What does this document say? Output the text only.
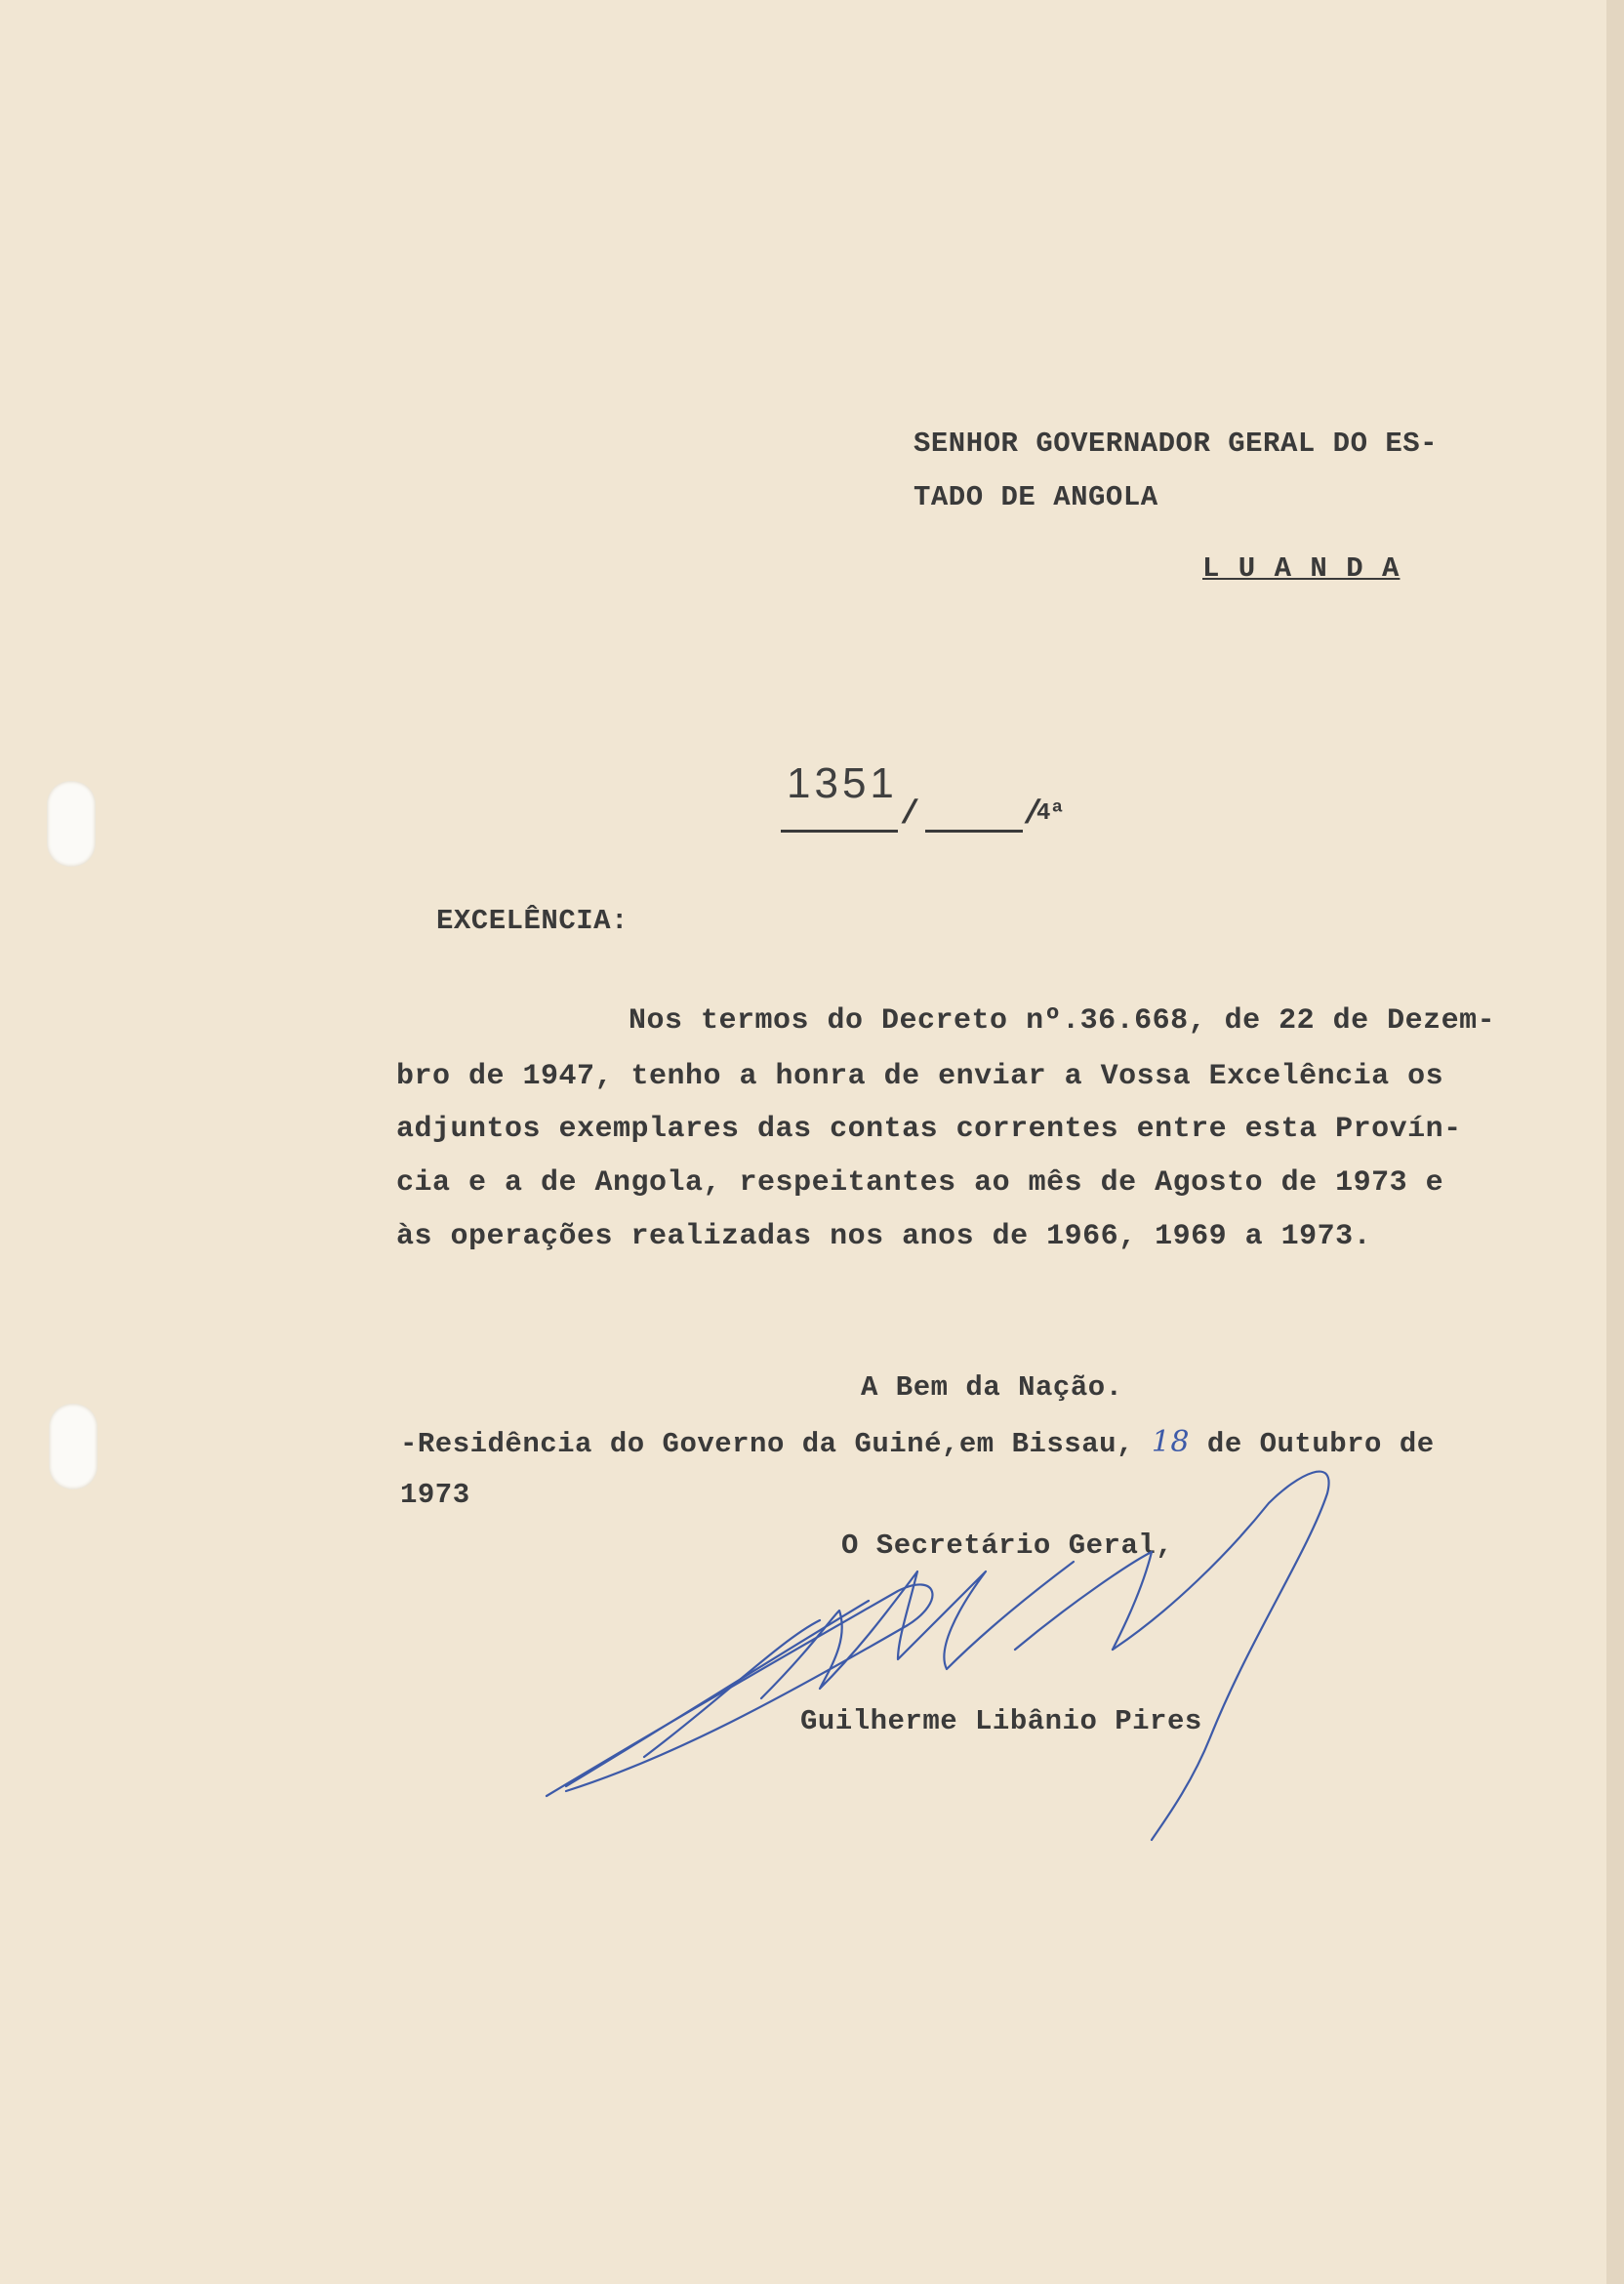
SENHOR GOVERNADOR GERAL DO ES-
TADO DE ANGOLA
L U A N D A
1351
/	/
4ª
EXCELÊNCIA:
Nos termos do Decreto nº.36.668, de 22 de Dezem-
bro de 1947, tenho a honra de enviar a Vossa Excelência os
adjuntos exemplares das contas correntes entre esta Provín-
cia e a de Angola, respeitantes ao mês de Agosto de 1973 e
às operações realizadas nos anos de 1966, 1969 a 1973.
A Bem da Nação.
-Residência do Governo da Guiné,em Bissau, 18 de Outubro de
1973
O Secretário Geral,
Guilherme Libânio Pires
